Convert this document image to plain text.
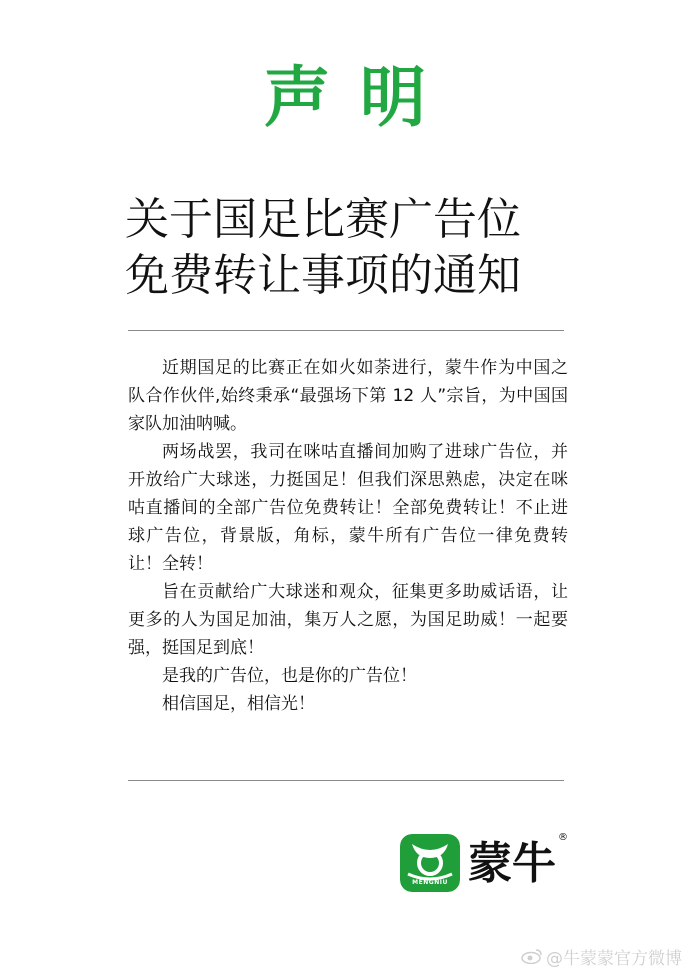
声明
关于国足比赛广告位
免费转让事项的通知

近期国足的比赛正在如火如荼进行，蒙牛作为中国之队合作伙伴,始终秉承“最强场下第 12 人”宗旨，为中国国家队加油呐喊。

两场战罢，我司在咪咕直播间加购了进球广告位，并开放给广大球迷，力挺国足！但我们深思熟虑，决定在咪咕直播间的全部广告位免费转让！全部免费转让！不止进球广告位，背景版，角标，蒙牛所有广告位一律免费转让！全转！

旨在贡献给广大球迷和观众，征集更多助威话语，让更多的人为国足加油，集万人之愿，为国足助威！一起要强，挺国足到底！

是我的广告位，也是你的广告位！

相信国足，相信光！

MENGNIU 蒙牛
®
@牛蒙蒙官方微博
